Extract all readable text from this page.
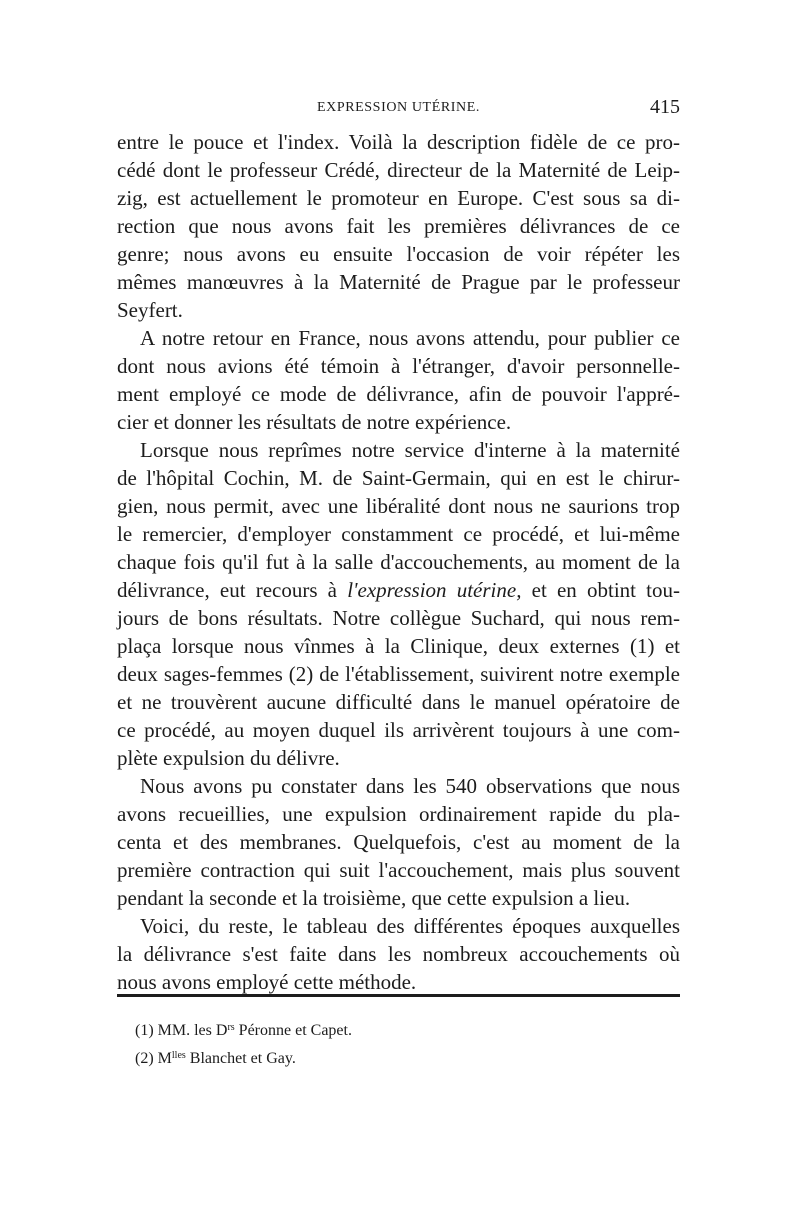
EXPRESSION UTÉRINE.	415
entre le pouce et l'index. Voilà la description fidèle de ce pro-
cédé dont le professeur Crédé, directeur de la Maternité de Leip-
zig, est actuellement le promoteur en Europe. C'est sous sa di-
rection que nous avons fait les premières délivrances de ce
genre; nous avons eu ensuite l'occasion de voir répéter les
mêmes manœuvres à la Maternité de Prague par le professeur
Seyfert.
A notre retour en France, nous avons attendu, pour publier ce
dont nous avions été témoin à l'étranger, d'avoir personnelle-
ment employé ce mode de délivrance, afin de pouvoir l'appré-
cier et donner les résultats de notre expérience.
Lorsque nous reprîmes notre service d'interne à la maternité
de l'hôpital Cochin, M. de Saint-Germain, qui en est le chirur-
gien, nous permit, avec une libéralité dont nous ne saurions trop
le remercier, d'employer constamment ce procédé, et lui-même
chaque fois qu'il fut à la salle d'accouchements, au moment de la
délivrance, eut recours à l'expression utérine, et en obtint tou-
jours de bons résultats. Notre collègue Suchard, qui nous rem-
plaça lorsque nous vînmes à la Clinique, deux externes (1) et
deux sages-femmes (2) de l'établissement, suivirent notre exemple
et ne trouvèrent aucune difficulté dans le manuel opératoire de
ce procédé, au moyen duquel ils arrivèrent toujours à une com-
plète expulsion du délivre.
Nous avons pu constater dans les 540 observations que nous
avons recueillies, une expulsion ordinairement rapide du pla-
centa et des membranes. Quelquefois, c'est au moment de la
première contraction qui suit l'accouchement, mais plus souvent
pendant la seconde et la troisième, que cette expulsion a lieu.
Voici, du reste, le tableau des différentes époques auxquelles
la délivrance s'est faite dans les nombreux accouchements où
nous avons employé cette méthode.
(1) MM. les $D^{rs}$ Péronne et Capet.
(2) $M^{lles}$ Blanchet et Gay.
